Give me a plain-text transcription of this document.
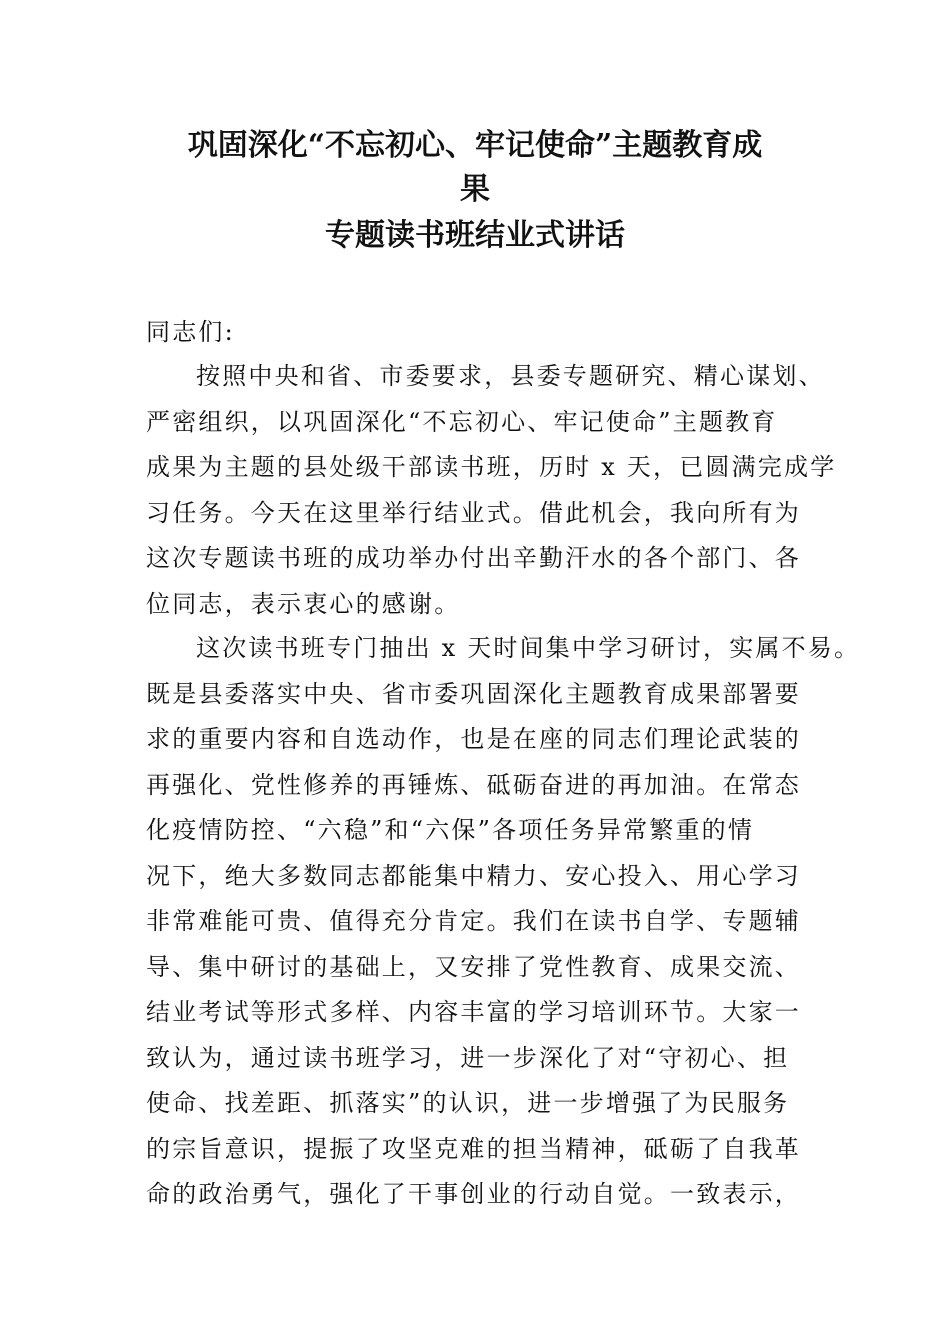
巩固深化“不忘初心、牢记使命”主题教育成
果
专题读书班结业式讲话
同志们:
按照中央和省、市委要求，县委专题研究、精心谋划、
严密组织，以巩固深化“不忘初心、牢记使命”主题教育
成果为主题的县处级干部读书班，历时 x 天，已圆满完成学
习任务。今天在这里举行结业式。借此机会，我向所有为
这次专题读书班的成功举办付出辛勤汗水的各个部门、各
位同志，表示衷心的感谢。
这次读书班专门抽出 x 天时间集中学习研讨，实属不易。
既是县委落实中央、省市委巩固深化主题教育成果部署要
求的重要内容和自选动作，也是在座的同志们理论武装的
再强化、党性修养的再锤炼、砥砺奋进的再加油。在常态
化疫情防控、“六稳”和“六保”各项任务异常繁重的情
况下，绝大多数同志都能集中精力、安心投入、用心学习
非常难能可贵、值得充分肯定。我们在读书自学、专题辅
导、集中研讨的基础上，又安排了党性教育、成果交流、
结业考试等形式多样、内容丰富的学习培训环节。大家一
致认为，通过读书班学习，进一步深化了对“守初心、担
使命、找差距、抓落实”的认识，进一步增强了为民服务
的宗旨意识，提振了攻坚克难的担当精神，砥砺了自我革
命的政治勇气，强化了干事创业的行动自觉。一致表示，
